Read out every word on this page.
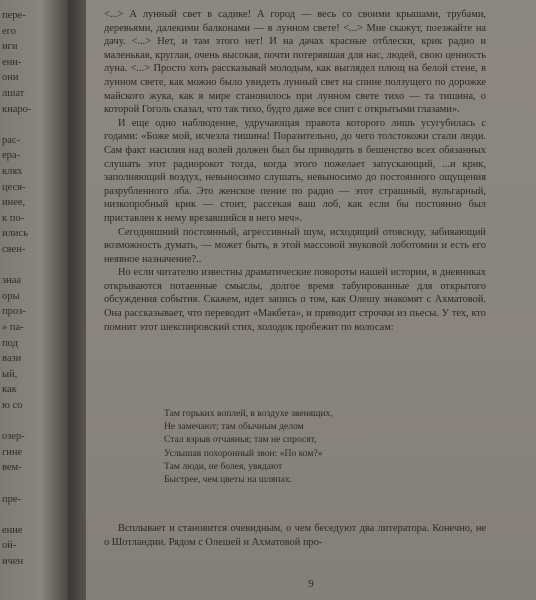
пере-
его
иги
ени-
они
лшат
кнаро-
рас-
ера-
клях
цеся-
инее,
к по-
ились
свен-
знаа
оры
проз-
» па-
под
вази
ый,
как
ю со
озер-
гине
вем-
пре-
ение
ой-
ичен

<...> А лунный свет в садике! А город — весь со своими крышами, трубами, деревьями, далекими балконами — в лунном свете! <...> Мне скажут, поезжайте на дачу. <...> Нет, и там этого нет! И на дачах красные отблески, крик радио и маленькая, круглая, очень высокая, почти потерявшая для нас, людей, свою ценность луна. <...> Просто хоть рассказывай молодым, как выглядел плющ на белой стене, в лунном свете, как можно было увидеть лунный свет на спине ползущего по дорожке майского жука, как в мире становилось при лунном свете тихо — та тишина, о которой Гоголь сказал, что так тихо, будто даже все спит с открытыми глазами».

И еще одно наблюдение, удручающая правота которого лишь усугубилась с годами: «Боже мой, исчезла тишина! Поразительно, до чего толстокожи стали люди. Сам факт насилия над волей должен был бы приводить в бешенство всех обязанных слушать этот радиорокот тогда, когда этого пожелает запускающий, ...и крик, заполняющий воздух, невыносимо слушать, невыносимо до постоянного ощущения разрубленного лба. Это женское пение по радио — этот страшный, вульгарный, низкопробный крик — стоит, рассекая ваш лоб, как если бы постоянно был приставлен к нему врезавшийся в него меч».

Сегодняшний постоянный, агрессивный шум, исходящий отовсюду, забивающий возможность думать, — может быть, в этой массовой звуковой лоботомии и есть его неявное назначение?..

Но если читателю известны драматические повороты нашей истории, в дневниках открываются потаенные смыслы, долгое время табуированные для открытого обсуждения события. Скажем, идет запись о том, как Олешу знакомят с Ахматовой. Она рассказывает, что переводит «Макбета», и приводит строчки из пьесы. У тех, кто помнит этот шекспировский стих, холодок пробежит по волосам:

Там горьких воплей, в воздухе звенящих,
Не замечают; там обычным делом
Стал взрыв отчаянья; там не спросят,
Услышав похоронный звон: «По ком?»
Там люди, не болея, увядают
Быстрее, чем цветы на шляпах.

Всплывает и становится очевидным, о чем беседуют два литератора. Конечно, не о Шотландии. Рядом с Олешей и Ахматовой про-

9
